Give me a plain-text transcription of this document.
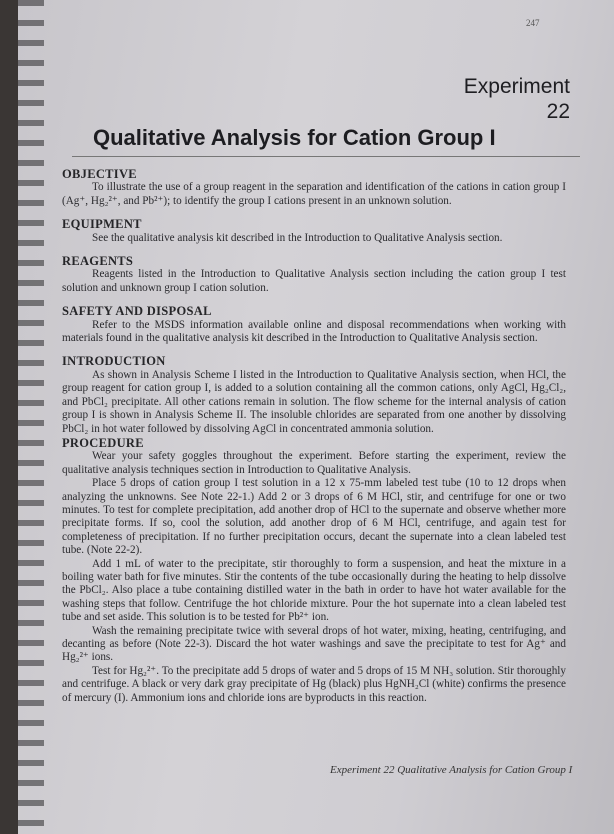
247
Experiment
22
Qualitative Analysis for Cation Group I
OBJECTIVE

To illustrate the use of a group reagent in the separation and identification of the cations in cation group I (Ag⁺, Hg₂²⁺, and Pb²⁺); to identify the group I cations present in an unknown solution.

EQUIPMENT

See the qualitative analysis kit described in the Introduction to Qualitative Analysis section.

REAGENTS

Reagents listed in the Introduction to Qualitative Analysis section including the cation group I test solution and unknown group I cation solution.

SAFETY AND DISPOSAL

Refer to the MSDS information available online and disposal recommendations when working with materials found in the qualitative analysis kit described in the Introduction to Qualitative Analysis section.

INTRODUCTION

As shown in Analysis Scheme I listed in the Introduction to Qualitative Analysis section, when HCl, the group reagent for cation group I, is added to a solution containing all the common cations, only AgCl, Hg₂Cl₂, and PbCl₂ precipitate. All other cations remain in solution. The flow scheme for the internal analysis of cation group I is shown in Analysis Scheme II. The insoluble chlorides are separated from one another by dissolving PbCl₂ in hot water followed by dissolving AgCl in concentrated ammonia solution.

PROCEDURE

Wear your safety goggles throughout the experiment. Before starting the experiment, review the qualitative analysis techniques section in Introduction to Qualitative Analysis.

Place 5 drops of cation group I test solution in a 12 x 75-mm labeled test tube (10 to 12 drops when analyzing the unknowns. See Note 22-1.) Add 2 or 3 drops of 6 M HCl, stir, and centrifuge for one or two minutes. To test for complete precipitation, add another drop of HCl to the supernate and observe whether more precipitate forms. If so, cool the solution, add another drop of 6 M HCl, centrifuge, and again test for completeness of precipitation. If no further precipitation occurs, decant the supernate into a clean labeled test tube. (Note 22-2).

Add 1 mL of water to the precipitate, stir thoroughly to form a suspension, and heat the mixture in a boiling water bath for five minutes. Stir the contents of the tube occasionally during the heating to help dissolve the PbCl₂. Also place a tube containing distilled water in the bath in order to have hot water available for the washing steps that follow. Centrifuge the hot chloride mixture. Pour the hot supernate into a clean labeled test tube and set aside. This solution is to be tested for Pb²⁺ ion.

Wash the remaining precipitate twice with several drops of hot water, mixing, heating, centrifuging, and decanting as before (Note 22-3). Discard the hot water washings and save the precipitate to test for Ag⁺ and Hg₂²⁺ ions.

Test for Hg₂²⁺. To the precipitate add 5 drops of water and 5 drops of 15 M NH₃ solution. Stir thoroughly and centrifuge. A black or very dark gray precipitate of Hg (black) plus HgNH₂Cl (white) confirms the presence of mercury (I). Ammonium ions and chloride ions are byproducts in this reaction.

Experiment 22 Qualitative Analysis for Cation Group I
